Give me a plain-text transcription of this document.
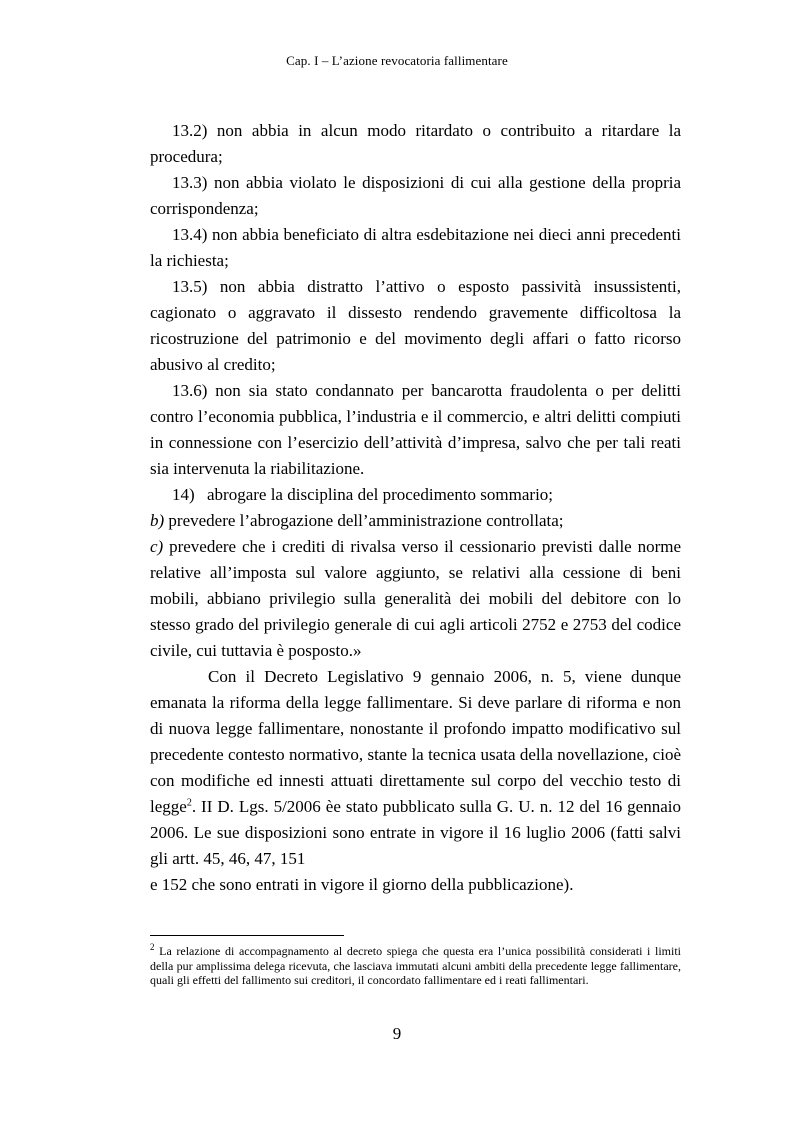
Cap. I – L’azione revocatoria fallimentare

13.2) non abbia in alcun modo ritardato o contribuito a ritardare la procedura;

13.3) non abbia violato le disposizioni di cui alla gestione della propria corrispondenza;

13.4) non abbia beneficiato di altra esdebitazione nei dieci anni precedenti la richiesta;

13.5) non abbia distratto l’attivo o esposto passività insussistenti, cagionato o aggravato il dissesto rendendo gravemente difficoltosa la ricostruzione del patrimonio e del movimento degli affari o fatto ricorso abusivo al credito;

13.6) non sia stato condannato per bancarotta fraudolenta o per delitti contro l’economia pubblica, l’industria e il commercio, e altri delitti compiuti in connessione con l’esercizio dell’attività d’impresa, salvo che per tali reati sia intervenuta la riabilitazione.

14) abrogare la disciplina del procedimento sommario;

b) prevedere l’abrogazione dell’amministrazione controllata;

c) prevedere che i crediti di rivalsa verso il cessionario previsti dalle norme relative all’imposta sul valore aggiunto, se relativi alla cessione di beni mobili, abbiano privilegio sulla generalità dei mobili del debitore con lo stesso grado del privilegio generale di cui agli articoli 2752 e 2753 del codice civile, cui tuttavia è posposto.»

Con il Decreto Legislativo 9 gennaio 2006, n. 5, viene dunque emanata la riforma della legge fallimentare. Si deve parlare di riforma e non di nuova legge fallimentare, nonostante il profondo impatto modificativo sul precedente contesto normativo, stante la tecnica usata della novellazione, cioè con modifiche ed innesti attuati direttamente sul corpo del vecchio testo di legge$^2$. II D. Lgs. 5/2006 èe stato pubblicato sulla G. U. n. 12 del 16 gennaio 2006. Le sue disposizioni sono entrate in vigore il 16 luglio 2006 (fatti salvi gli artt. 45, 46, 47, 151

e 152 che sono entrati in vigore il giorno della pubblicazione).

$^2$ La relazione di accompagnamento al decreto spiega che questa era l’unica possibilità considerati i limiti della pur amplissima delega ricevuta, che lasciava immutati alcuni ambiti della precedente legge fallimentare, quali gli effetti del fallimento sui creditori, il concordato fallimentare ed i reati fallimentari.
9
